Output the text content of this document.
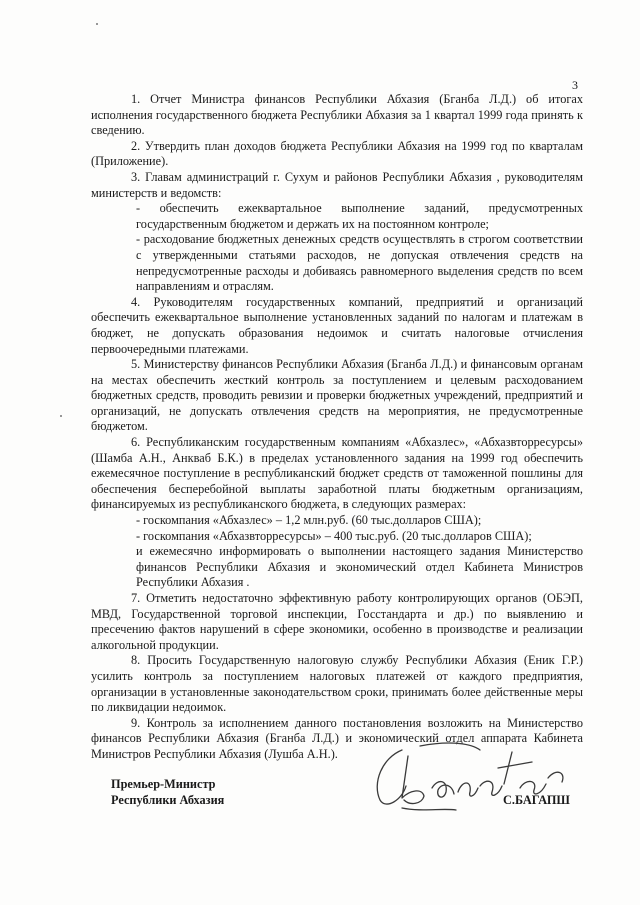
3

1. Отчет Министра финансов Республики Абхазия (Бганба Л.Д.) об итогах исполнения государственного бюджета Республики Абхазия за 1 квартал 1999 года принять к сведению.

2. Утвердить план доходов бюджета Республики Абхазия на 1999 год по кварталам (Приложение).

3. Главам администраций г. Сухум и районов Республики Абхазия , руководителям министерств и ведомств:

- обеспечить ежеквартальное выполнение заданий, предусмотренных государственным бюджетом и держать их на постоянном контроле;

- расходование бюджетных денежных средств осуществлять в строгом соответствии с утвержденными статьями расходов, не допуская отвлечения средств на непредусмотренные расходы и добиваясь равномерного выделения средств по всем направлениям и отраслям.

4. Руководителям государственных компаний, предприятий и организаций обеспечить ежеквартальное выполнение установленных заданий по налогам и платежам в бюджет, не допускать образования недоимок и считать налоговые отчисления первоочередными платежами.

5. Министерству финансов Республики Абхазия (Бганба Л.Д.) и финансовым органам на местах обеспечить жесткий контроль за поступлением и целевым расходованием бюджетных средств, проводить ревизии и проверки бюджетных учреждений, предприятий и организаций, не допускать отвлечения средств на мероприятия, не предусмотренные бюджетом.

6. Республиканским государственным компаниям «Абхазлес», «Абхазвторресурсы» (Шамба А.Н., Анкваб Б.К.) в пределах установленного задания на 1999 год обеспечить ежемесячное поступление в республиканский бюджет средств от таможенной пошлины для обеспечения бесперебойной выплаты заработной платы бюджетным организациям, финансируемых из республиканского бюджета, в следующих размерах:

- госкомпания «Абхазлес» – 1,2 млн.руб. (60 тыс.долларов США);

- госкомпания «Абхазвторресурсы» – 400 тыс.руб. (20 тыс.долларов США);

и ежемесячно информировать о выполнении настоящего задания Министерство финансов Республики Абхазия и экономический отдел Кабинета Министров Республики Абхазия .

7. Отметить недостаточно эффективную работу контролирующих органов (ОБЭП, МВД, Государственной торговой инспекции, Госстандарта и др.) по выявлению и пресечению фактов нарушений в сфере экономики, особенно в производстве и реализации алкогольной продукции.

8. Просить Государственную налоговую службу Республики Абхазия (Еник Г.Р.) усилить контроль за поступлением налоговых платежей от каждого предприятия, организации в установленные законодательством сроки, принимать более действенные меры по ликвидации недоимок.

9. Контроль за исполнением данного постановления возложить на Министерство финансов Республики Абхазия (Бганба Л.Д.) и экономический отдел аппарата Кабинета Министров Республики Абхазия (Лушба А.Н.).

Премьер-Министр
Республики Абхазия	С.БАГАПШ
